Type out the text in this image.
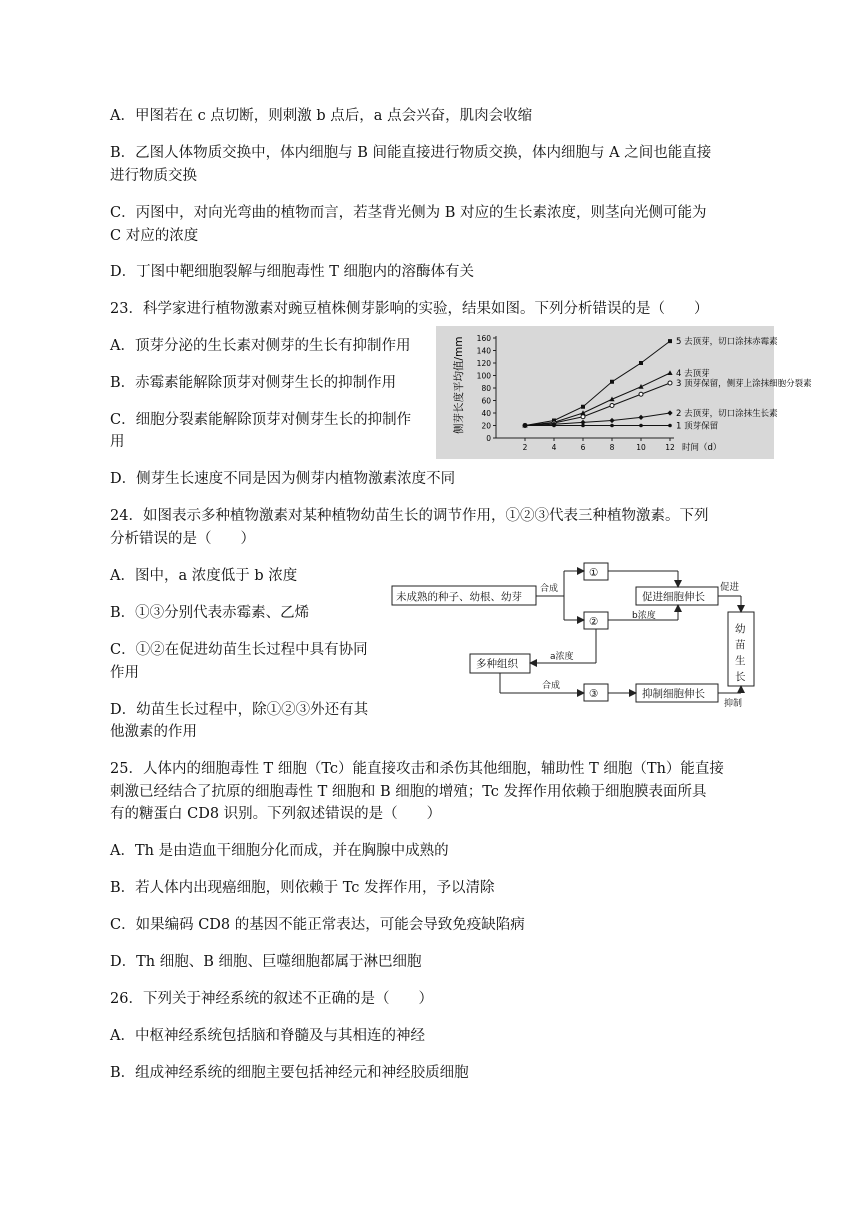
A．甲图若在 c 点切断，则刺激 b 点后，a 点会兴奋，肌肉会收缩
B．乙图人体物质交换中，体内细胞与 B 间能直接进行物质交换，体内细胞与 A 之间也能直接
进行物质交换
C．丙图中，对向光弯曲的植物而言，若茎背光侧为 B 对应的生长素浓度，则茎向光侧可能为
C 对应的浓度
D．丁图中靶细胞裂解与细胞毒性 T 细胞内的溶酶体有关
23．科学家进行植物激素对豌豆植株侧芽影响的实验，结果如图。下列分析错误的是（　　）
A．顶芽分泌的生长素对侧芽的生长有抑制作用
B．赤霉素能解除顶芽对侧芽生长的抑制作用
C．细胞分裂素能解除顶芽对侧芽生长的抑制作
用
D．侧芽生长速度不同是因为侧芽内植物激素浓度不同
0
20
40
60
80
100
120
140
160
2	4	6	8	10	12 时间（d）
侧芽长度平均值/mm	5 去顶芽，切口涂抹赤霉素
4 去顶芽
3 顶芽保留，侧芽上涂抹细胞分裂素
2 去顶芽，切口涂抹生长素
1 顶芽保留
24．如图表示多种植物激素对某种植物幼苗生长的调节作用，①②③代表三种植物激素。下列
分析错误的是（　　）
A．图中，a 浓度低于 b 浓度
B．①③分别代表赤霉素、乙烯
C．①②在促进幼苗生长过程中具有协同
作用
D．幼苗生长过程中，除①②③外还有其
他激素的作用
未成熟的种子、幼根、幼芽
合成
①
②
③
促进细胞伸长
促进
b浓度
a浓度
多种组织
合成
抑制细胞伸长
抑制
幼
苗
生
长
25．人体内的细胞毒性 T 细胞（Tc）能直接攻击和杀伤其他细胞，辅助性 T 细胞（Th）能直接
刺激已经结合了抗原的细胞毒性 T 细胞和 B 细胞的增殖；Tc 发挥作用依赖于细胞膜表面所具
有的糖蛋白 CD8 识别。下列叙述错误的是（　　）
A．Th 是由造血干细胞分化而成，并在胸腺中成熟的
B．若人体内出现癌细胞，则依赖于 Tc 发挥作用，予以清除
C．如果编码 CD8 的基因不能正常表达，可能会导致免疫缺陷病
D．Th 细胞、B 细胞、巨噬细胞都属于淋巴细胞
26．下列关于神经系统的叙述不正确的是（　　）
A．中枢神经系统包括脑和脊髓及与其相连的神经
B．组成神经系统的细胞主要包括神经元和神经胶质细胞
